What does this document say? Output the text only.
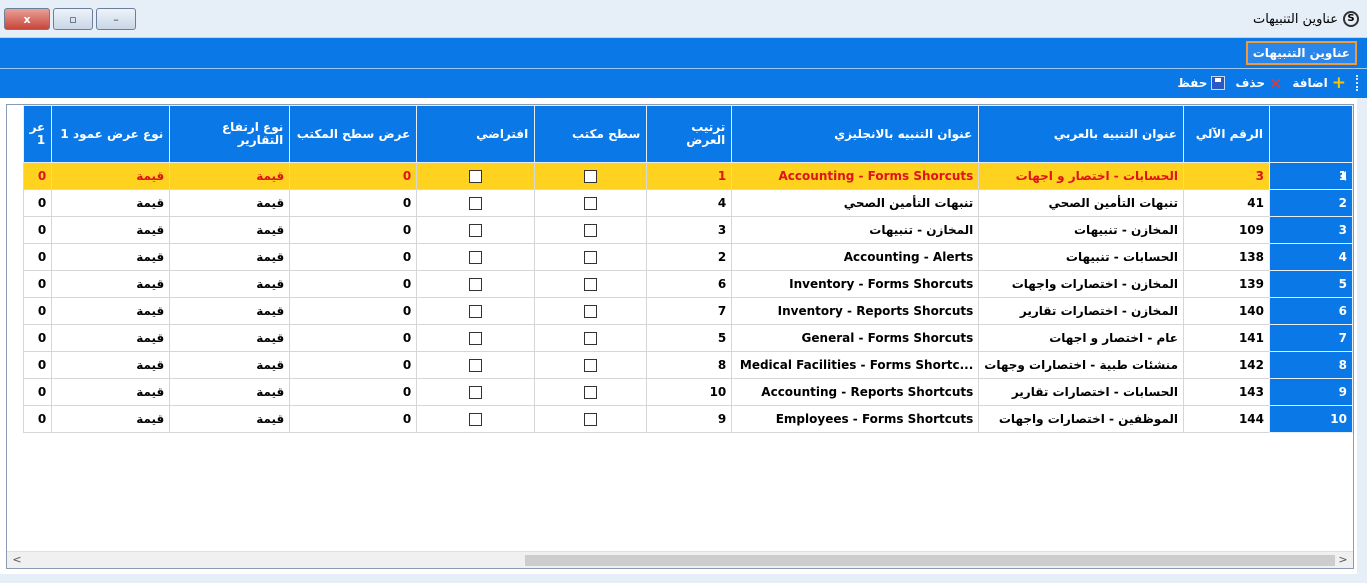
x	▫	–	S
عناوين التنبيهات
عناوين التنبيهات
+
اضافة
✕
حذف
حفظ
	الرقم الآلي	عنوان التنبيه بالعربي	عنوان التنبيه بالانجليزي	ترتيب العرض	سطح مكتب	افتراضي	عرض سطح المكتب	نوع ارتفاع التقارير	نوع عرض عمود 1	عر 1
1	3	الحسابات - اختصار و اجهات	Accounting - Forms Shorcuts	1			0	قيمة	قيمة	0
2	41	تنبهات التأمين الصحي	تنبهات التأمين الصحي	4			0	قيمة	قيمة	0
3	109	المخازن - تنبيهات	المخازن - تنبيهات	3			0	قيمة	قيمة	0
4	138	الحسابات - تنبيهات	Accounting - Alerts	2			0	قيمة	قيمة	0
5	139	المخازن - اختصارات واجهات	Inventory - Forms Shorcuts	6			0	قيمة	قيمة	0
6	140	المخازن - اختصارات تقارير	Inventory - Reports Shorcuts	7			0	قيمة	قيمة	0
7	141	عام - اختصار و اجهات	General - Forms Shorcuts	5			0	قيمة	قيمة	0
8	142	منشئات طبية - اختصارات وجهات	Medical Facilities - Forms Shortc...	8			0	قيمة	قيمة	0
9	143	الحسابات - اختصارات تقارير	Accounting - Reports Shortcuts	10			0	قيمة	قيمة	0
10	144	الموظفين - اختصارات واجهات	Employees - Forms Shortcuts	9			0	قيمة	قيمة	0
<	>
